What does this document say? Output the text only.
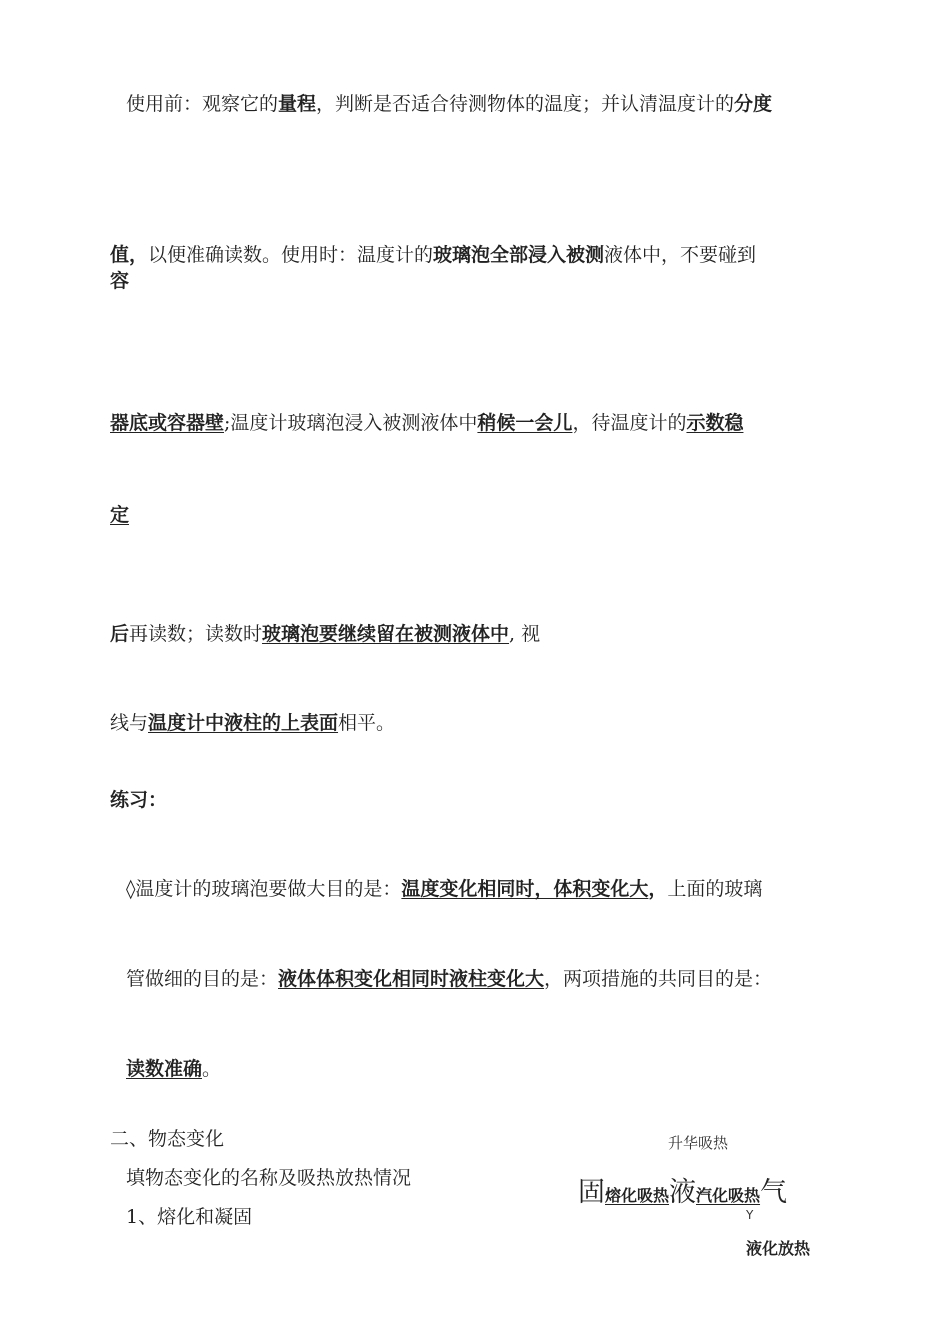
使用前：观察它的量程，判断是否适合待测物体的温度；并认清温度计的分度
值，以便准确读数。使用时：温度计的玻璃泡全部浸入被测液体中，不要碰到
容
器底或容器壁;温度计玻璃泡浸入被测液体中稍候一会儿，待温度计的示数稳
定
后再读数；读数时玻璃泡要继续留在被测液体中, 视
线与温度计中液柱的上表面相平。
练习：
◊温度计的玻璃泡要做大目的是：温度变化相同时，体积变化大，上面的玻璃
管做细的目的是：液体体积变化相同时液柱变化大，两项措施的共同目的是：
读数准确。
二、物态变化
填物态变化的名称及吸热放热情况
1、熔化和凝固
升华吸热
固熔化吸热液汽化吸热气
Y
液化放热
